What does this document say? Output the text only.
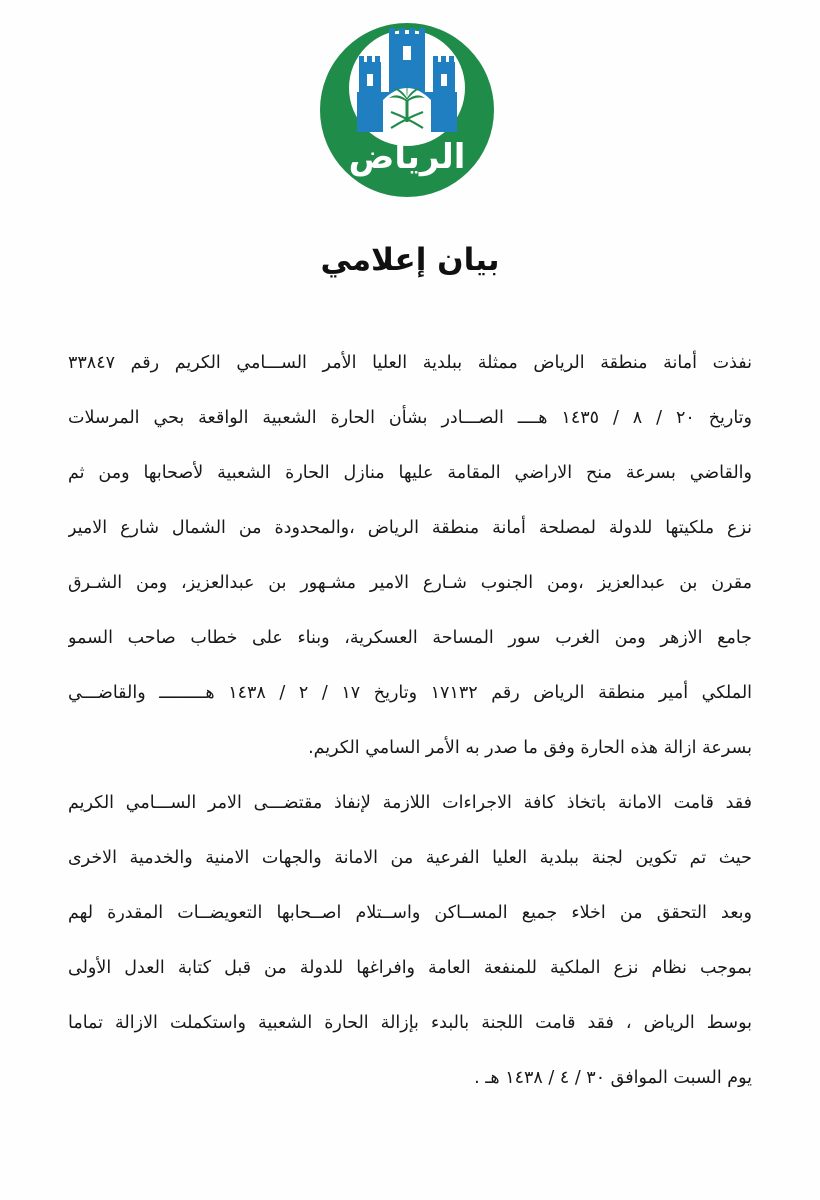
الرياض
بيان إعلامي
نفذت أمانة منطقة الرياض ممثلة ببلدية العليا الأمر الســـامي الكريم رقم ٣٣٨٤٧
وتاريخ ٢٠ / ٨ / ١٤٣٥ هــــ الصـــادر بشأن الحارة الشعبية الواقعة بحي المرسلات
والقاضي بسرعة منح الاراضي المقامة عليها منازل الحارة الشعبية لأصحابها ومن ثم
نزع ملكيتها للدولة لمصلحة أمانة منطقة الرياض ،والمحدودة من الشمال شارع الامير
مقرن بن عبدالعزيز ،ومن الجنوب شـارع الامير مشـهور بن عبدالعزيز، ومن الشـرق
جامع الازهر ومن الغرب سور المساحة العسكرية، وبناء على خطاب صاحب السمو
الملكي أمير منطقة الرياض رقم ١٧١٣٢ وتاريخ ١٧ / ٢ / ١٤٣٨ هـــــــــ والقاضـــي
بسرعة ازالة هذه الحارة وفق ما صدر به الأمر السامي الكريم.
فقد قامت الامانة باتخاذ كافة الاجراءات اللازمة لإنفاذ مقتضـــى الامر الســـامي الكريم
حيث تم تكوين لجنة ببلدية العليا الفرعية من الامانة والجهات الامنية والخدمية الاخرى
وبعد التحقق من اخلاء جميع المســاكن واســتلام اصــحابها التعويضــات المقدرة لهم
بموجب نظام نزع الملكية للمنفعة العامة وافراغها للدولة من قبل كتابة العدل الأولى
بوسط الرياض ، فقد قامت اللجنة بالبدء بإزالة الحارة الشعبية واستكملت الازالة تماما
يوم السبت الموافق ٣٠ / ٤ / ١٤٣٨ هـ .
